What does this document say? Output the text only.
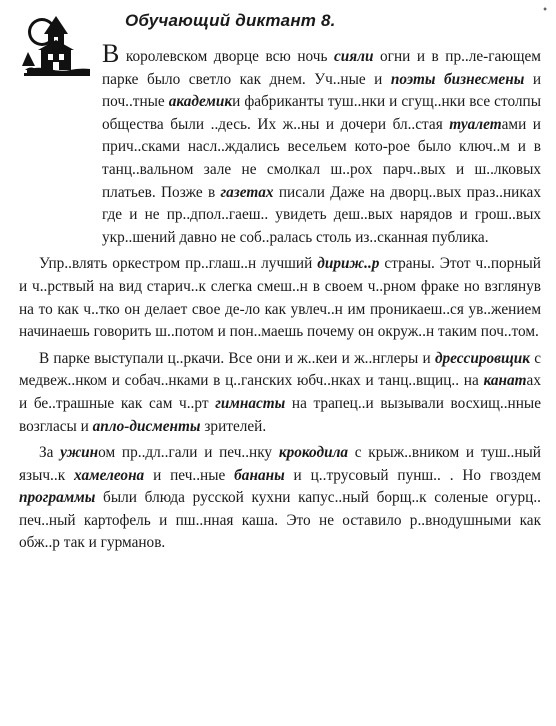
•
Обучающий диктант 8.

В королевском дворце всю ночь сияли огни и в пр..ле-гающем парке было светло как днем. Уч..ные и поэты бизнесмены и поч..тные академики фабриканты туш..нки и сгущ..нки все столпы общества были ..десь. Их ж..ны и дочери бл..стая туалетами и прич..сками насл..ждались весельем кото-рое было ключ..м и в танц..вальном зале не смолкал ш..рох парч..вых и ш..лковых платьев. Позже в газетах писали Даже на дворц..вых праз..никах где и не пр..дпол..гаеш.. увидеть деш..вых нарядов и грош..вых укр..шений давно не соб..ралась столь из..сканная публика.

Упр..влять оркестром пр..глаш..н лучший дириж..р страны. Этот ч..порный и ч..рствый на вид старич..к слегка смеш..н в своем ч..рном фраке но взглянув на то как ч..тко он делает свое де-ло как увлеч..н им проникаеш..ся ув..жением начинаешь говорить ш..потом и пон..маешь почему он окруж..н таким поч..том.

В парке выступали ц..ркачи. Все они и ж..кеи и ж..нглеры и дрессировщик с медвеж..нком и собач..нками в ц..ганских юбч..нках и танц..вщиц.. на канатах и бе..трашные как сам ч..рт гимнасты на трапец..и вызывали восхищ..нные возгласы и апло-дисменты зрителей.

За ужином пр..дл..гали и печ..нку крокодила с крыж..вником и туш..ный языч..к хамелеона и печ..ные бананы и ц..трусовый пунш.. . Но гвоздем программы были блюда русской кухни капус..ный борщ..к соленые огурц.. печ..ный картофель и пш..нная каша. Это не оставило р..внодушными как обж..р так и гурманов.
